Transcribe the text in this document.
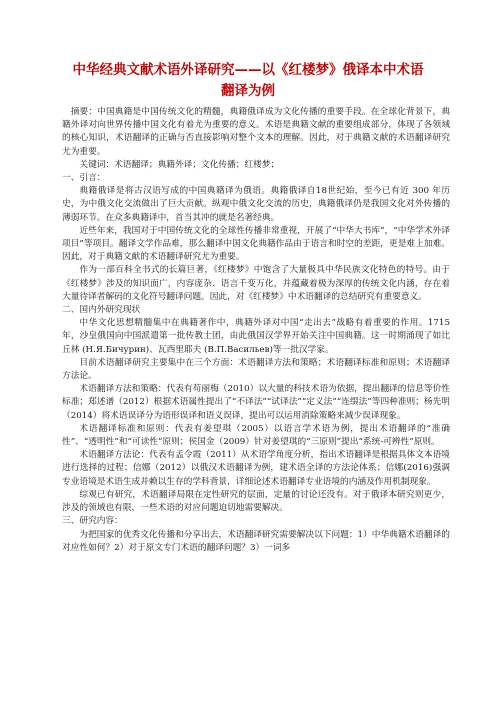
中华经典文献术语外译研究——以《红楼梦》俄译本中术语
翻译为例

摘要：中国典籍是中国传统文化的精髓，典籍俄译成为文化传播的重要手段。在全球化背景下，典籍外译对向世界传播中国文化有着尤为重要的意义。术语是典籍文献的重要组成部分，体现了各领域的核心知识，术语翻译的正确与否直接影响对整个文本的理解。因此，对于典籍文献的术语翻译研究尤为重要。

关键词：术语翻译；典籍外译；文化传播；红楼梦；

一、引言：

典籍俄译是将古汉语写成的中国典籍译为俄语。典籍俄译自18世纪始，至今已有近 300 年历史，为中俄文化交流做出了巨大贡献。纵观中俄文化交流的历史，典籍俄译仍是我国文化对外传播的薄弱环节。在众多典籍译中，首当其冲的就是名著经典。

近些年来，我国对于中国传统文化的全球性传播非常重视，开展了“中华大书库”，“中华学术外译项目”等项目。翻译文学作品难，那么翻译中国文化典籍作品由于语言和时空的差距，更是难上加难。因此，对于典籍文献的术语翻译研究尤为重要。

作为一部百科全书式的长篇巨著，《红楼梦》中饱含了大量极具中华民族文化特色的特号。由于《红楼梦》涉及的知识面广，内容庞杂、语言千变万化，并蕴藏着极为深厚的传统文化内涵，存在着大量待译者解码的文化符号翻译问题。因此，对《红楼梦》中术语翻译的总结研究有重要意义。

二、国内外研究现状

中华文化思想精髓集中在典籍著作中，典籍外译对中国“走出去”战略有着重要的作用。1715 年，沙皇俄国向中国派遣第一批传教士团，由此俄国汉学界开始关注中国典籍。这一时期涌现了如比丘林 (Н.Я.Бичурин)、瓦西里耶夫 (В.П.Васильев)等一批汉学家。

目前术语翻译研究主要集中在三个方面：术语翻译方法和策略；术语翻译标准和原则；术语翻译方法论。

术语翻译方法和策略：代表有苟丽梅（2010）以大量的科技术语为依据，提出翻译的信息等价性标准；郑述谱（2012）根据术语属性提出了“不译法”“试译法”“定义法”“连缀法”等四种准则；杨先明（2014）将术语误译分为语形误译和语义误译，提出可以运用消除策略来减少误译现象。

术语翻译标准和原则：代表有姜望琪（2005）以语言学术语为例，提出术语翻译的“准确性”、“透明性”和“可读性”原则；侯国金（2009）针对姜望琪的“三原则”提出“系统-可辨性”原则。

术语翻译方法论：代表有孟令霞（2011）从术语学角度分析，指出术语翻译是根据具体文本语境进行选择的过程；信娜（2012）以俄汉术语翻译为例，建术语全译的方法论体系；信娜(2016)强调专业语境是术语生成并赖以生存的学科背景，详细论述术语翻译专业语境的内涵及作用机制现象。

综观已有研究，术语翻译局限在定性研究的层面，定量的讨论还没有。对于俄译本研究则更少，涉及的领域也有限，一些术语的对应问题迫切地需要解决。

三、研究内容：

为把国家的优秀文化传播和分享出去，术语翻译研究需要解决以下问题：1）中华典籍术语翻译的对应性如何？2）对于原文专门术语的翻译问题？3）一词多
